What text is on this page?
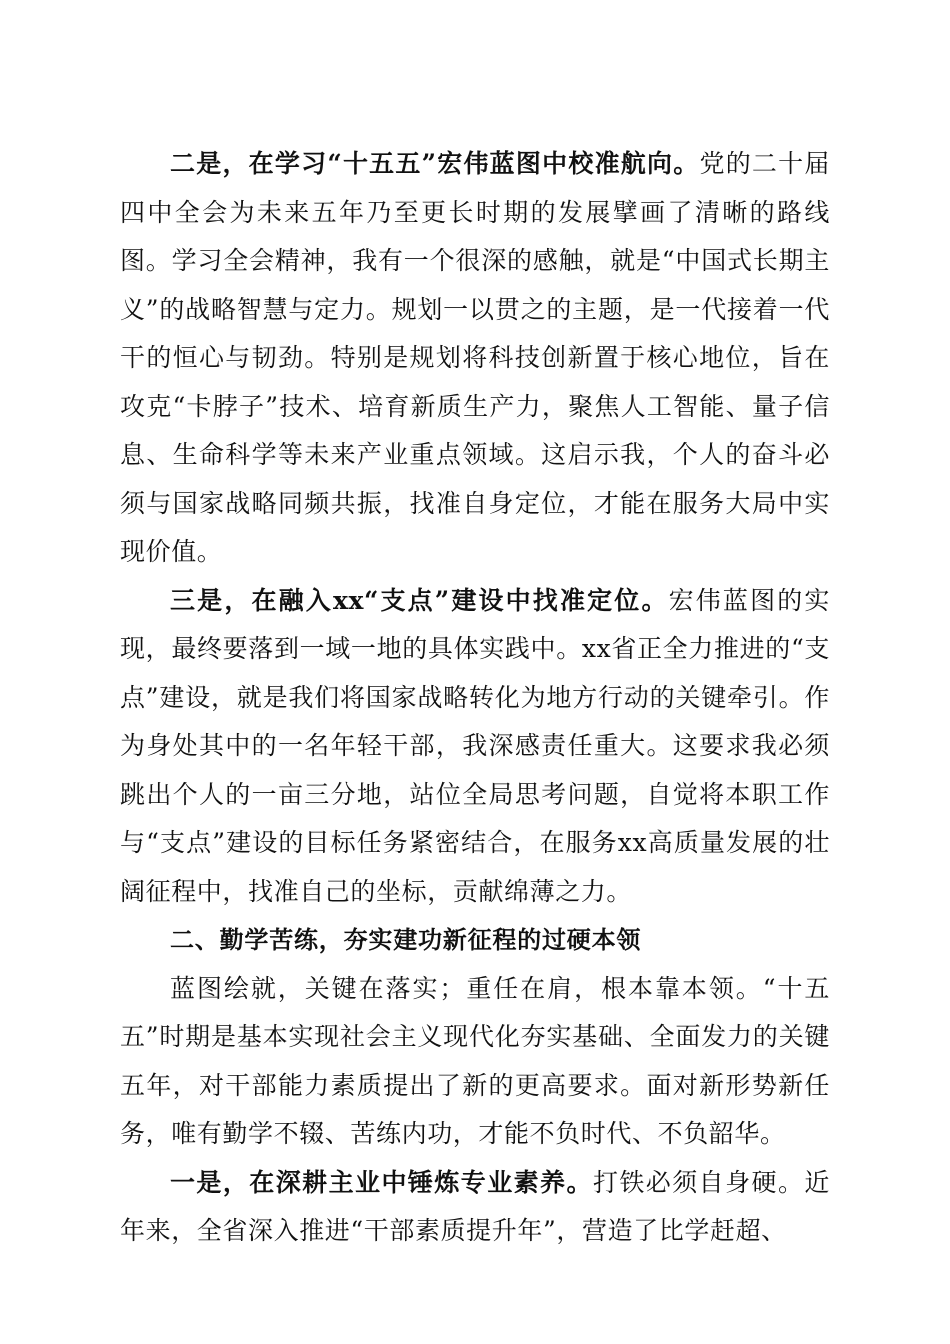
二是，在学习“十五五”宏伟蓝图中校准航向。党的二十届四中全会为未来五年乃至更长时期的发展擘画了清晰的路线图。学习全会精神，我有一个很深的感触，就是“中国式长期主义”的战略智慧与定力。规划一以贯之的主题，是一代接着一代干的恒心与韧劲。特别是规划将科技创新置于核心地位，旨在攻克“卡脖子”技术、培育新质生产力，聚焦人工智能、量子信息、生命科学等未来产业重点领域。这启示我，个人的奋斗必须与国家战略同频共振，找准自身定位，才能在服务大局中实现价值。

三是，在融入xx“支点”建设中找准定位。宏伟蓝图的实现，最终要落到一域一地的具体实践中。xx省正全力推进的“支点”建设，就是我们将国家战略转化为地方行动的关键牵引。作为身处其中的一名年轻干部，我深感责任重大。这要求我必须跳出个人的一亩三分地，站位全局思考问题，自觉将本职工作与“支点”建设的目标任务紧密结合，在服务xx高质量发展的壮阔征程中，找准自己的坐标，贡献绵薄之力。

二、勤学苦练，夯实建功新征程的过硬本领

蓝图绘就，关键在落实；重任在肩，根本靠本领。“十五五”时期是基本实现社会主义现代化夯实基础、全面发力的关键五年，对干部能力素质提出了新的更高要求。面对新形势新任务，唯有勤学不辍、苦练内功，才能不负时代、不负韶华。

一是，在深耕主业中锤炼专业素养。打铁必须自身硬。近年来，全省深入推进“干部素质提升年”，营造了比学赶超、
